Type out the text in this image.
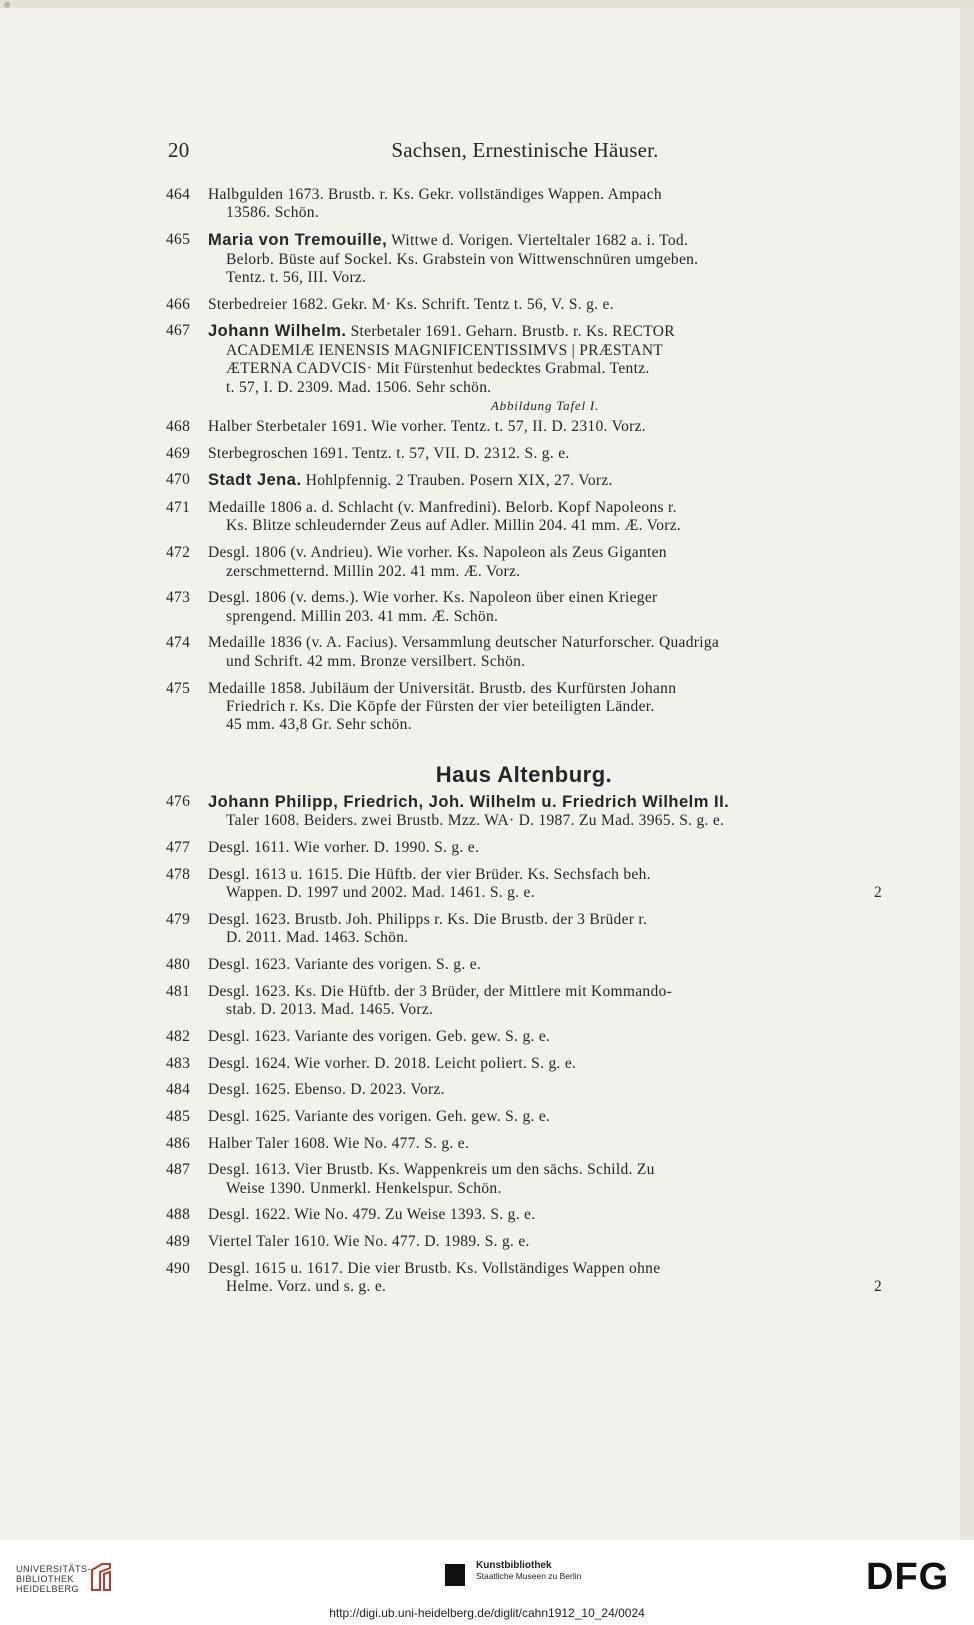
20	Sachsen, Ernestinische Häuser.
464 Halbgulden 1673. Brustb. r. Ks. Gekr. vollständiges Wappen. Ampach
13586. Schön.
465 Maria von Tremouille, Wittwe d. Vorigen. Vierteltaler 1682 a. i. Tod.
Belorb. Büste auf Sockel. Ks. Grabstein von Wittwenschnüren umgeben.
Tentz. t. 56, III. Vorz.
466 Sterbedreier 1682. Gekr. M· Ks. Schrift. Tentz t. 56, V. S. g. e.
467 Johann Wilhelm. Sterbetaler 1691. Geharn. Brustb. r. Ks. RECTOR
ACADEMIÆ IENENSIS MAGNIFICENTISSIMVS | PRÆSTANT
ÆTERNA CADVCIS· Mit Fürstenhut bedecktes Grabmal. Tentz.
t. 57, I. D. 2309. Mad. 1506. Sehr schön.
Abbildung Tafel I.
468 Halber Sterbetaler 1691. Wie vorher. Tentz. t. 57, II. D. 2310. Vorz.
469 Sterbegroschen 1691. Tentz. t. 57, VII. D. 2312. S. g. e.
470 Stadt Jena. Hohlpfennig. 2 Trauben. Posern XIX, 27. Vorz.
471 Medaille 1806 a. d. Schlacht (v. Manfredini). Belorb. Kopf Napoleons r.
Ks. Blitze schleudernder Zeus auf Adler. Millin 204. 41 mm. Æ. Vorz.
472 Desgl. 1806 (v. Andrieu). Wie vorher. Ks. Napoleon als Zeus Giganten
zerschmetternd. Millin 202. 41 mm. Æ. Vorz.
473 Desgl. 1806 (v. dems.). Wie vorher. Ks. Napoleon über einen Krieger
sprengend. Millin 203. 41 mm. Æ. Schön.
474 Medaille 1836 (v. A. Facius). Versammlung deutscher Naturforscher. Quadriga
und Schrift. 42 mm. Bronze versilbert. Schön.
475 Medaille 1858. Jubiläum der Universität. Brustb. des Kurfürsten Johann
Friedrich r. Ks. Die Köpfe der Fürsten der vier beteiligten Länder.
45 mm. 43,8 Gr. Sehr schön.
Haus Altenburg.
476 Johann Philipp, Friedrich, Joh. Wilhelm u. Friedrich Wilhelm II.
Taler 1608. Beiders. zwei Brustb. Mzz. WA· D. 1987. Zu Mad. 3965. S. g. e.
477 Desgl. 1611. Wie vorher. D. 1990. S. g. e.
478 Desgl. 1613 u. 1615. Die Hüftb. der vier Brüder. Ks. Sechsfach beh.
Wappen. D. 1997 und 2002. Mad. 1461. S. g. e.	2
479 Desgl. 1623. Brustb. Joh. Philipps r. Ks. Die Brustb. der 3 Brüder r.
D. 2011. Mad. 1463. Schön.
480 Desgl. 1623. Variante des vorigen. S. g. e.
481 Desgl. 1623. Ks. Die Hüftb. der 3 Brüder, der Mittlere mit Kommando-
stab. D. 2013. Mad. 1465. Vorz.
482 Desgl. 1623. Variante des vorigen. Geb. gew. S. g. e.
483 Desgl. 1624. Wie vorher. D. 2018. Leicht poliert. S. g. e.
484 Desgl. 1625. Ebenso. D. 2023. Vorz.
485 Desgl. 1625. Variante des vorigen. Geh. gew. S. g. e.
486 Halber Taler 1608. Wie No. 477. S. g. e.
487 Desgl. 1613. Vier Brustb. Ks. Wappenkreis um den sächs. Schild. Zu
Weise 1390. Unmerkl. Henkelspur. Schön.
488 Desgl. 1622. Wie No. 479. Zu Weise 1393. S. g. e.
489 Viertel Taler 1610. Wie No. 477. D. 1989. S. g. e.
490 Desgl. 1615 u. 1617. Die vier Brustb. Ks. Vollständiges Wappen ohne
Helme. Vorz. und s. g. e.	2
UNIVERSITÄTS-
BIBLIOTHEK
HEIDELBERG
Kunstbibliothek
Staatliche Museen zu Berlin	DFG
http://digi.ub.uni-heidelberg.de/diglit/cahn1912_10_24/0024
